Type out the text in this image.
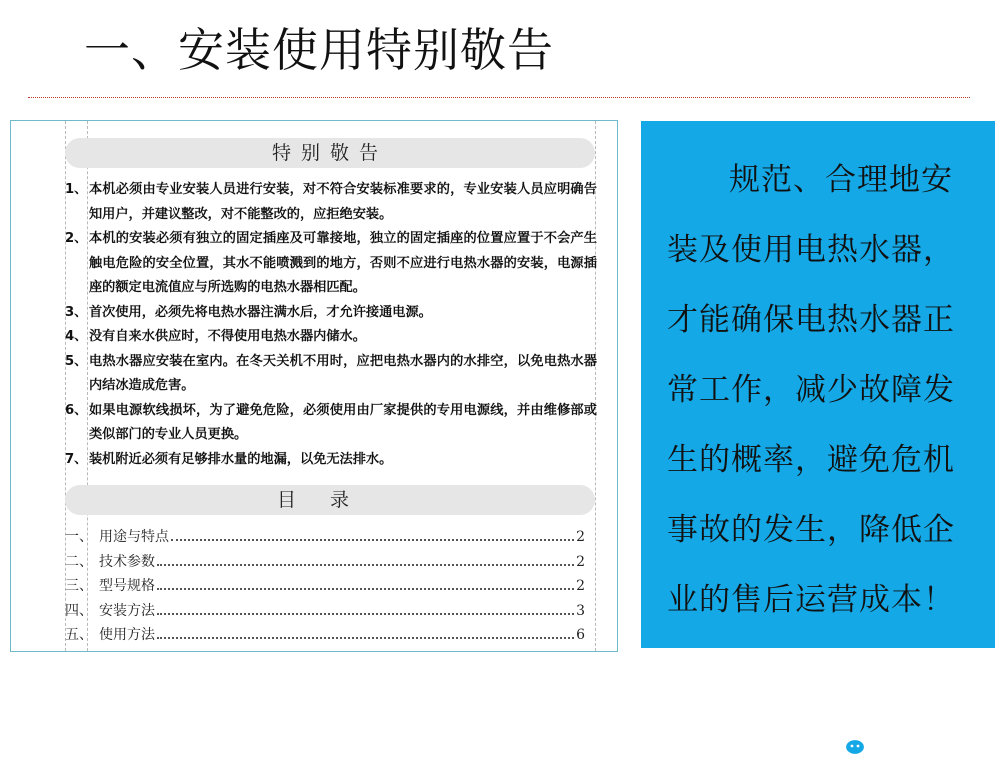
一、安装使用特别敬告
特别敬告
1、 本机必须由专业安装人员进行安装，对不符合安装标准要求的，专业安装人员应明确告知用户，并建议整改，对不能整改的，应拒绝安装。
2、 本机的安装必须有独立的固定插座及可靠接地，独立的固定插座的位置应置于不会产生触电危险的安全位置，其水不能喷溅到的地方，否则不应进行电热水器的安装，电源插座的额定电流值应与所选购的电热水器相匹配。
3、 首次使用，必须先将电热水器注满水后，才允许接通电源。
4、 没有自来水供应时，不得使用电热水器内储水。
5、 电热水器应安装在室内。在冬天关机不用时，应把电热水器内的水排空，以免电热水器内结冰造成危害。
6、 如果电源软线损坏，为了避免危险，必须使用由厂家提供的专用电源线，并由维修部或类似部门的专业人员更换。
7、 装机附近必须有足够排水量的地漏，以免无法排水。
目录
一、 用途与特点	2
二、 技术参数	2
三、 型号规格	2
四、 安装方法	3
五、 使用方法	6
规范、合理地安装及使用电热水器，才能确保电热水器正常工作，减少故障发生的概率，避免危机事故的发生，降低企业的售后运营成本！
巧派厨电
